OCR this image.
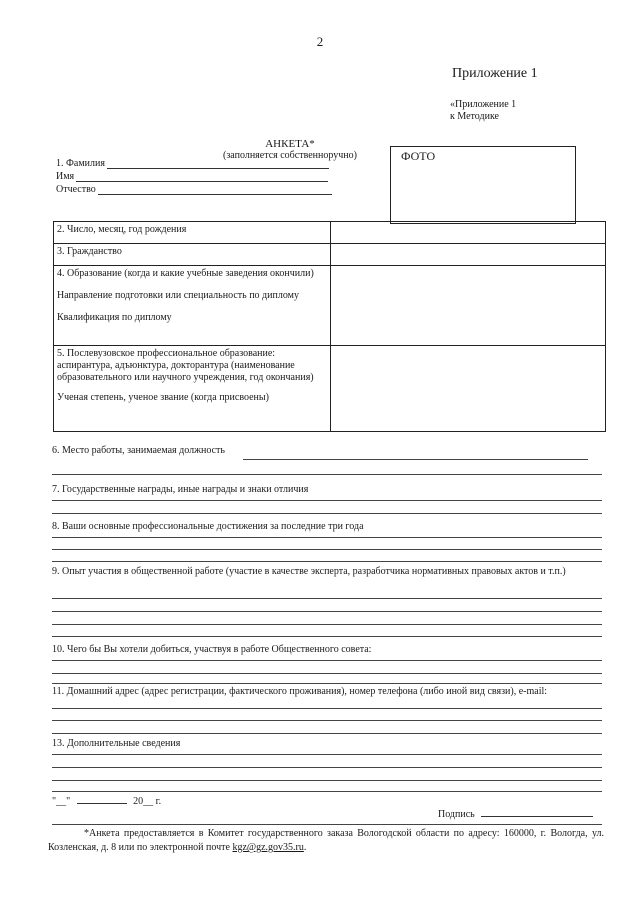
2
Приложение 1
«Приложение 1
к Методике
АНКЕТА*
(заполняется собственноручно)	ФОТО
1. Фамилия
Имя
Отчество
2. Число, месяц, год рождения	
3. Гражданство	

4. Образование (когда и какие учебные заведения окончили)
Направление подготовки или специальность по диплому
Квалификация по диплому	

5. Послевузовское профессиональное образование: аспирантура, адъюнктура, докторантура (наименование образовательного или научного учреждения, год окончания)
Ученая степень, ученое звание (когда присвоены)	

6. Место работы, занимаемая должность
7. Государственные награды, иные награды и знаки отличия
8. Ваши основные профессиональные достижения за последние три года
9. Опыт участия в общественной работе (участие в качестве эксперта, разработчика нормативных правовых актов и т.п.)
10. Чего бы Вы хотели добиться, участвуя в работе Общественного совета:
11. Домашний адрес (адрес регистрации, фактического проживания), номер телефона (либо иной вид связи), e-mail:
13. Дополнительные сведения
"__"	20__ г.
Подпись
*Анкета предоставляется в Комитет государственного заказа Вологодской области по адресу: 160000, г. Вологда, ул. Козленская, д. 8 или по электронной почте kgz@gz.gov35.ru.
